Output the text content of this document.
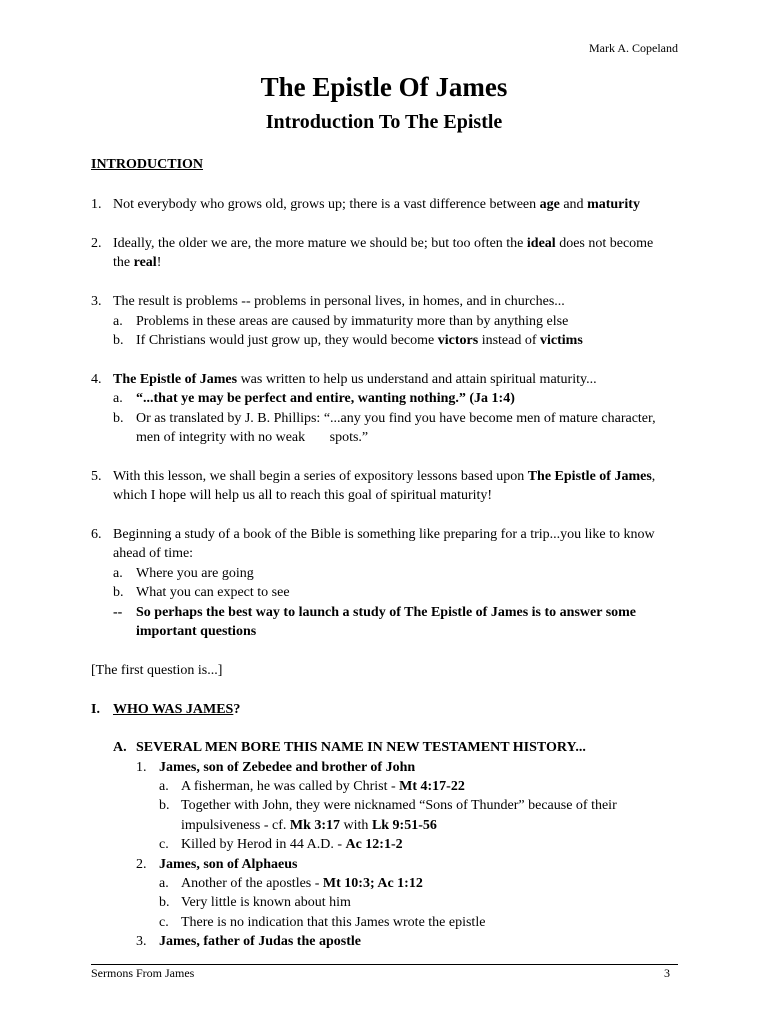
Mark A. Copeland
The Epistle Of James
Introduction To The Epistle
INTRODUCTION
1. Not everybody who grows old, grows up; there is a vast difference between age and maturity
2. Ideally, the older we are, the more mature we should be; but too often the ideal does not become
the real!
3. The result is problems -- problems in personal lives, in homes, and in churches...
a. Problems in these areas are caused by immaturity more than by anything else
b. If Christians would just grow up, they would become victors instead of victims
4. The Epistle of James was written to help us understand and attain spiritual maturity...
a. “...that ye may be perfect and entire, wanting nothing.” (Ja 1:4)
b. Or as translated by J. B. Phillips: “...any you find you have become men of mature character,
men of integrity with no weak       spots.”
5. With this lesson, we shall begin a series of expository lessons based upon The Epistle of James,
which I hope will help us all to reach this goal of spiritual maturity!
6. Beginning a study of a book of the Bible is something like preparing for a trip...you like to know
ahead of time:
a. Where you are going
b. What you can expect to see
-- So perhaps the best way to launch a study of The Epistle of James is to answer some
important questions
[The first question is...]
I. WHO WAS JAMES?
A. SEVERAL MEN BORE THIS NAME IN NEW TESTAMENT HISTORY...
1. James, son of Zebedee and brother of John
a. A fisherman, he was called by Christ - Mt 4:17-22
b. Together with John, they were nicknamed “Sons of Thunder” because of their
impulsiveness - cf. Mk 3:17 with Lk 9:51-56
c. Killed by Herod in 44 A.D. - Ac 12:1-2
2. James, son of Alphaeus
a. Another of the apostles - Mt 10:3; Ac 1:12
b. Very little is known about him
c. There is no indication that this James wrote the epistle
3. James, father of Judas the apostle
Sermons From James	3
